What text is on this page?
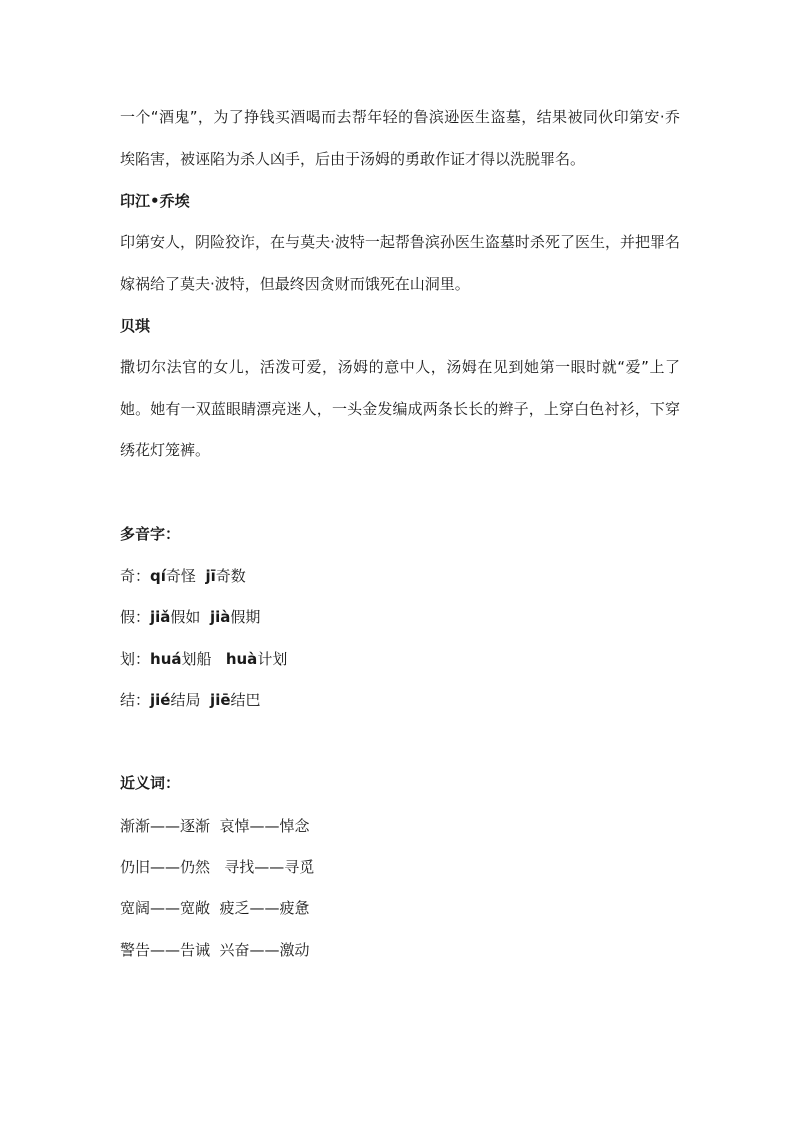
一个“酒鬼”，为了挣钱买酒喝而去帮年轻的鲁滨逊医生盗墓，结果被同伙印第安·乔埃陷害，被诬陷为杀人凶手，后由于汤姆的勇敢作证才得以洗脱罪名。

印江•乔埃

印第安人，阴险狡诈，在与莫夫·波特一起帮鲁滨孙医生盗墓时杀死了医生，并把罪名嫁祸给了莫夫·波特，但最终因贪财而饿死在山洞里。

贝琪

撒切尔法官的女儿，活泼可爱，汤姆的意中人，汤姆在见到她第一眼时就“爱”上了她。她有一双蓝眼睛漂亮迷人，一头金发编成两条长长的辫子，上穿白色衬衫，下穿绣花灯笼裤。

多音字：

奇：qí奇怪 jī奇数

假：jiǎ假如 jià假期

划：huá划船 huà计划

结：jié结局 jiē结巴

近义词：

渐渐——逐渐  哀悼——悼念

仍旧——仍然   寻找——寻觅

宽阔——宽敞  疲乏——疲惫

警告——告诫  兴奋——激动
